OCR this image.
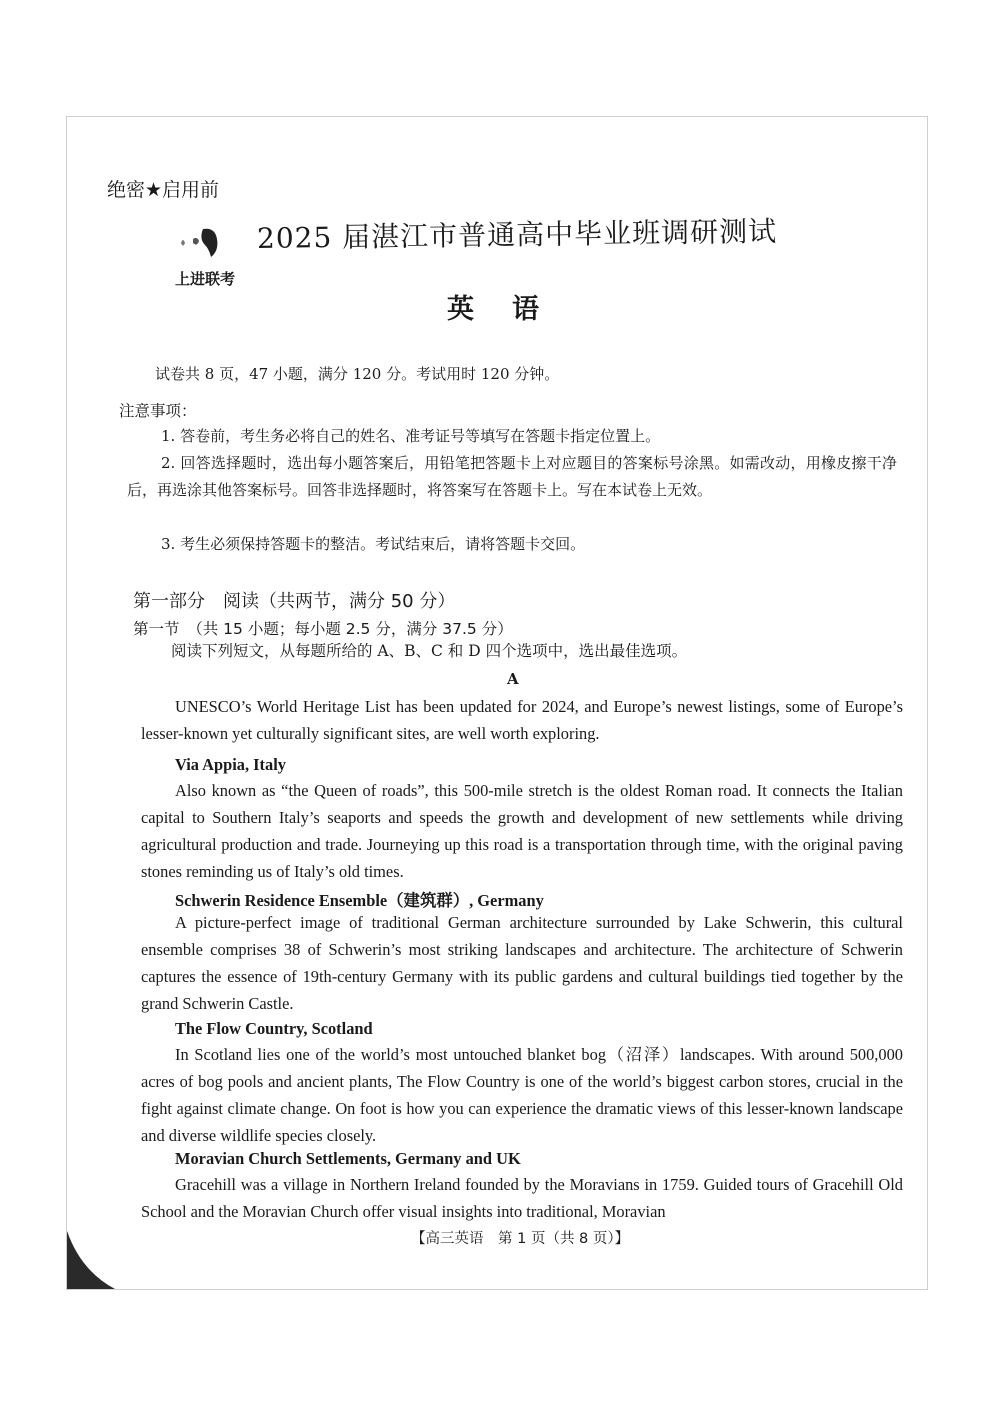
绝密★启用前
上进联考
2025 届湛江市普通高中毕业班调研测试
英语
试卷共 8 页，47 小题，满分 120 分。考试用时 120 分钟。
注意事项：
1. 答卷前，考生务必将自己的姓名、准考证号等填写在答题卡指定位置上。
2. 回答选择题时，选出每小题答案后，用铅笔把答题卡上对应题目的答案标号涂黑。如需改动，用橡皮擦干净后，再选涂其他答案标号。回答非选择题时，将答案写在答题卡上。写在本试卷上无效。
3. 考生必须保持答题卡的整洁。考试结束后，请将答题卡交回。
第一部分　阅读（共两节，满分 50 分）
第一节　（共 15 小题；每小题 2.5 分，满分 37.5 分）
阅读下列短文，从每题所给的 A、B、C 和 D 四个选项中，选出最佳选项。
A
UNESCO’s World Heritage List has been updated for 2024, and Europe’s newest listings, some of Europe’s lesser-known yet culturally significant sites, are well worth exploring.
Via Appia, Italy
Also known as “the Queen of roads”, this 500-mile stretch is the oldest Roman road. It connects the Italian capital to Southern Italy’s seaports and speeds the growth and development of new settlements while driving agricultural production and trade. Journeying up this road is a transportation through time, with the original paving stones reminding us of Italy’s old times.
Schwerin Residence Ensemble（建筑群）, Germany
A picture-perfect image of traditional German architecture surrounded by Lake Schwerin, this cultural ensemble comprises 38 of Schwerin’s most striking landscapes and architecture. The architecture of Schwerin captures the essence of 19th-century Germany with its public gardens and cultural buildings tied together by the grand Schwerin Castle.
The Flow Country, Scotland
In Scotland lies one of the world’s most untouched blanket bog（沼泽）landscapes. With around 500,000 acres of bog pools and ancient plants, The Flow Country is one of the world’s biggest carbon stores, crucial in the fight against climate change. On foot is how you can experience the dramatic views of this lesser-known landscape and diverse wildlife species closely.
Moravian Church Settlements, Germany and UK
Gracehill was a village in Northern Ireland founded by the Moravians in 1759. Guided tours of Gracehill Old School and the Moravian Church offer visual insights into traditional, Moravian
【高三英语　第 1 页（共 8 页）】
